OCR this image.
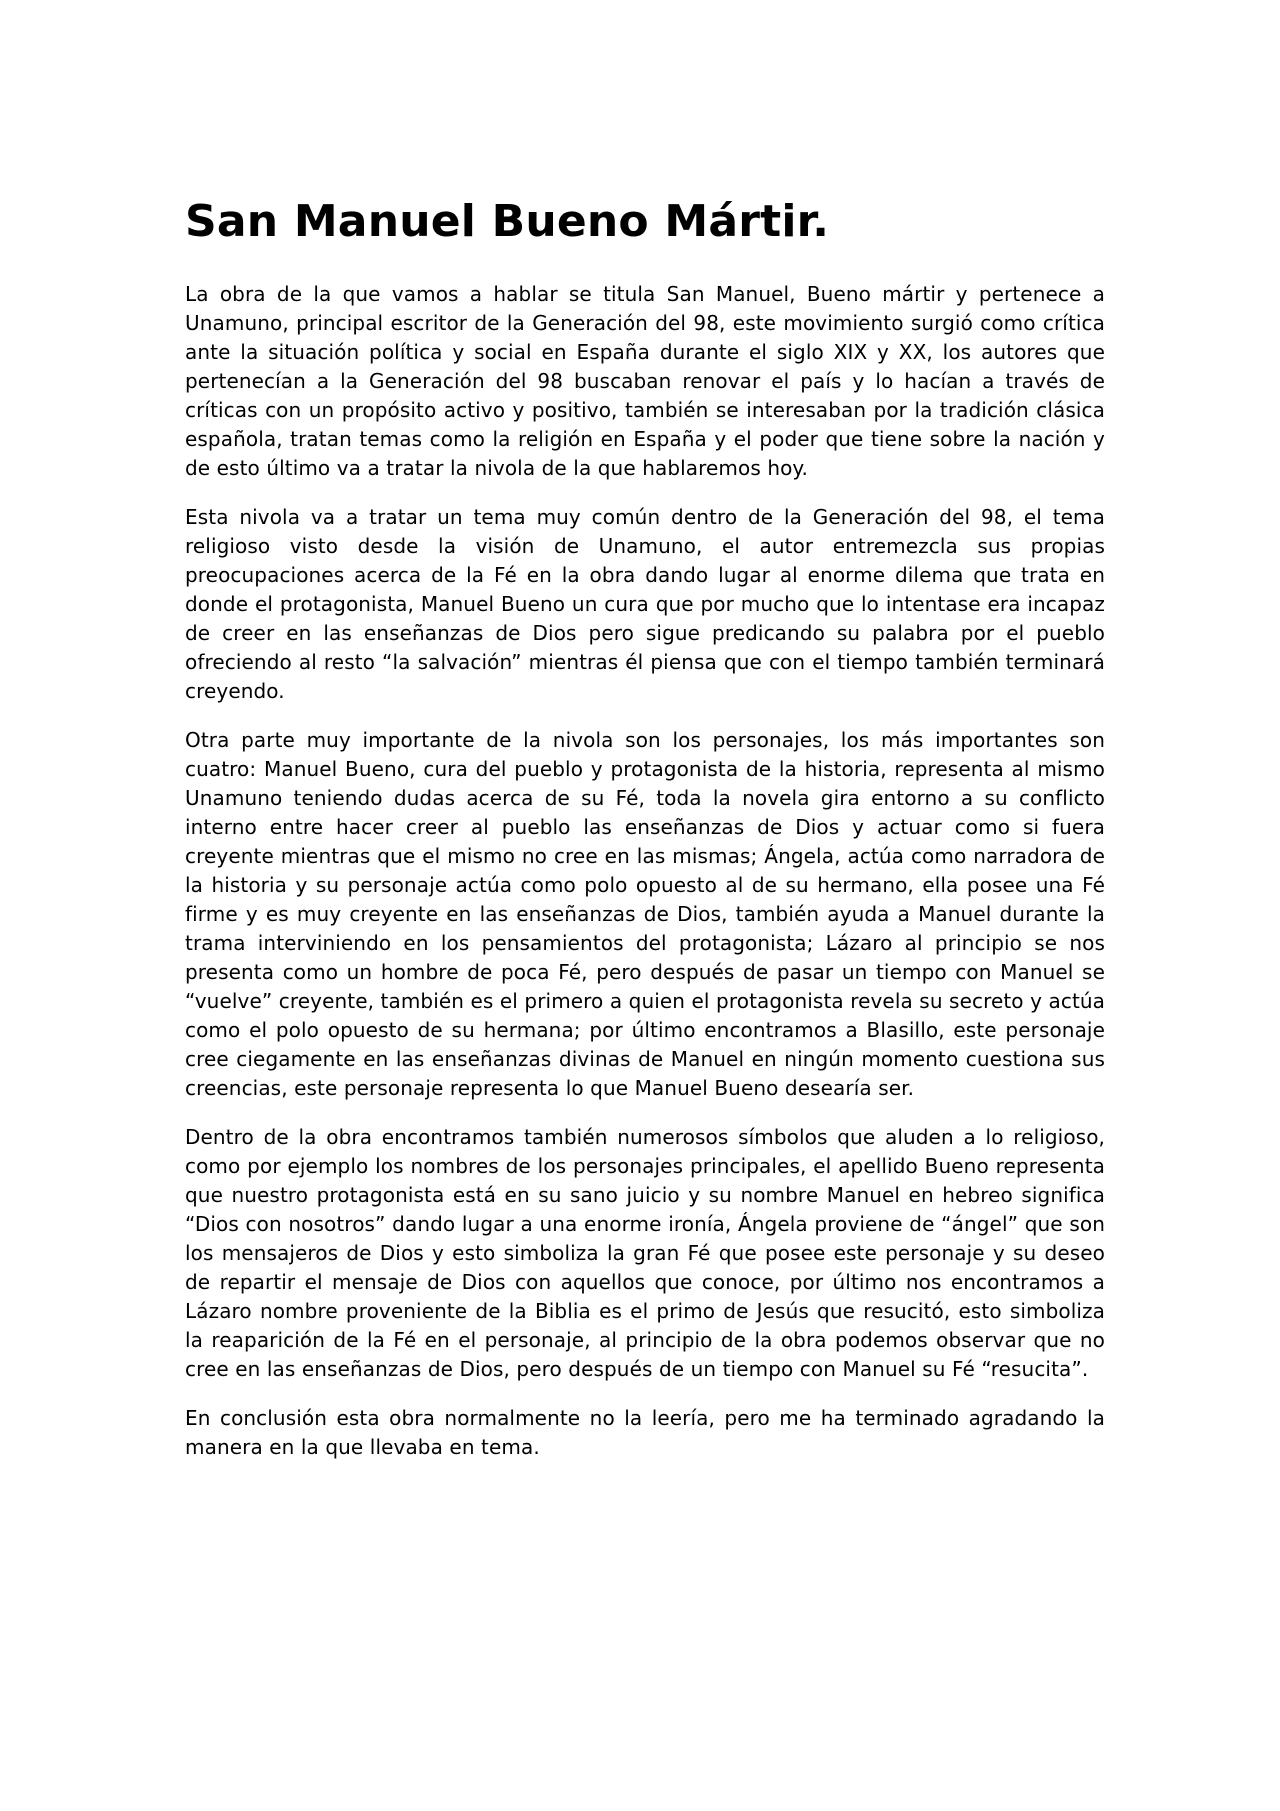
San Manuel Bueno Mártir.

La obra de la que vamos a hablar se titula San Manuel, Bueno mártir y pertenece a Unamuno, principal escritor de la Generación del 98, este movimiento surgió como crítica ante la situación política y social en España durante el siglo XIX y XX, los autores que pertenecían a la Generación del 98 buscaban renovar el país y lo hacían a través de críticas con un propósito activo y positivo, también se interesaban por la tradición clásica española, tratan temas como la religión en España y el poder que tiene sobre la nación y de esto último va a tratar la nivola de la que hablaremos hoy.

Esta nivola va a tratar un tema muy común dentro de la Generación del 98, el tema religioso visto desde la visión de Unamuno, el autor entremezcla sus propias preocupaciones acerca de la Fé en la obra dando lugar al enorme dilema que trata en donde el protagonista, Manuel Bueno un cura que por mucho que lo intentase era incapaz de creer en las enseñanzas de Dios pero sigue predicando su palabra por el pueblo ofreciendo al resto “la salvación” mientras él piensa que con el tiempo también terminará creyendo.

Otra parte muy importante de la nivola son los personajes, los más importantes son cuatro: Manuel Bueno, cura del pueblo y protagonista de la historia, representa al mismo Unamuno teniendo dudas acerca de su Fé, toda la novela gira entorno a su conflicto interno entre hacer creer al pueblo las enseñanzas de Dios y actuar como si fuera creyente mientras que el mismo no cree en las mismas; Ángela, actúa como narradora de la historia y su personaje actúa como polo opuesto al de su hermano, ella posee una Fé firme y es muy creyente en las enseñanzas de Dios, también ayuda a Manuel durante la trama interviniendo en los pensamientos del protagonista; Lázaro al principio se nos presenta como un hombre de poca Fé, pero después de pasar un tiempo con Manuel se “vuelve” creyente, también es el primero a quien el protagonista revela su secreto y actúa como el polo opuesto de su hermana; por último encontramos a Blasillo, este personaje cree ciegamente en las enseñanzas divinas de Manuel en ningún momento cuestiona sus creencias, este personaje representa lo que Manuel Bueno desearía ser.

Dentro de la obra encontramos también numerosos símbolos que aluden a lo religioso, como por ejemplo los nombres de los personajes principales, el apellido Bueno representa que nuestro protagonista está en su sano juicio y su nombre Manuel en hebreo significa “Dios con nosotros” dando lugar a una enorme ironía, Ángela proviene de “ángel” que son los mensajeros de Dios y esto simboliza la gran Fé que posee este personaje y su deseo de repartir el mensaje de Dios con aquellos que conoce, por último nos encontramos a Lázaro nombre proveniente de la Biblia es el primo de Jesús que resucitó, esto simboliza la reaparición de la Fé en el personaje, al principio de la obra podemos observar que no cree en las enseñanzas de Dios, pero después de un tiempo con Manuel su Fé “resucita”.

En conclusión esta obra normalmente no la leería, pero me ha terminado agradando la manera en la que llevaba en tema.
